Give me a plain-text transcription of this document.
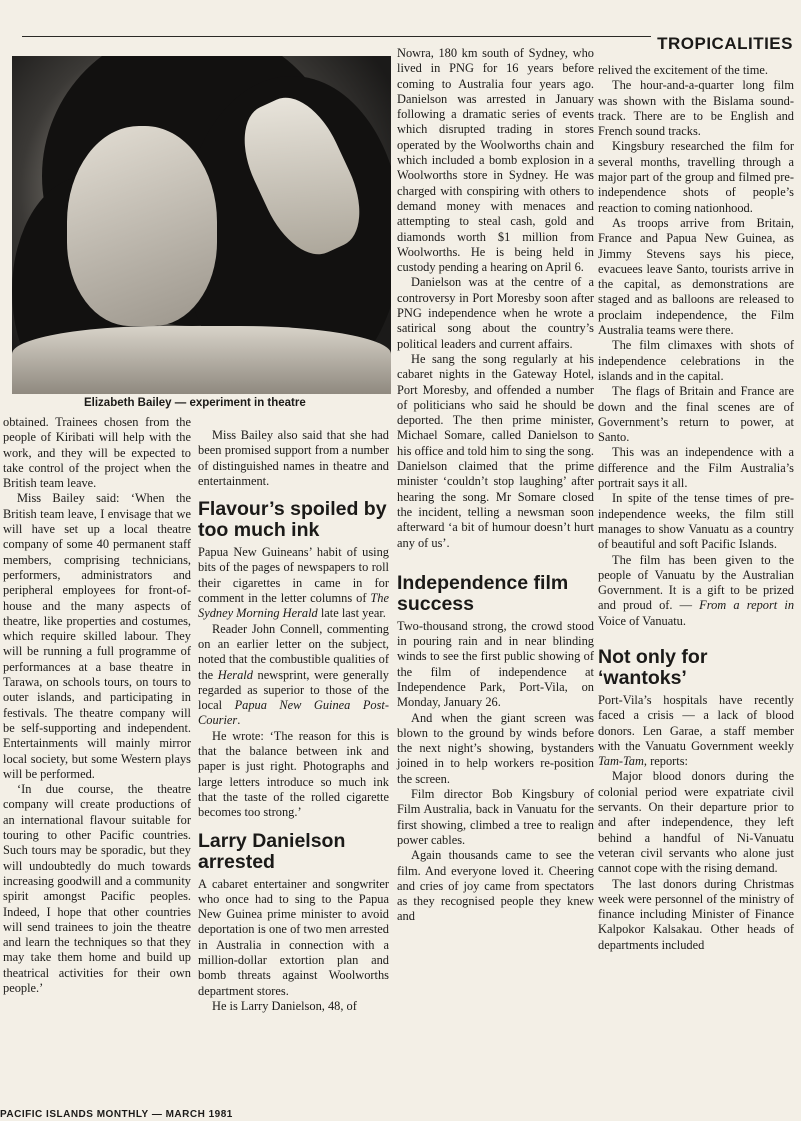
TROPICALITIES
Elizabeth Bailey — experiment in theatre

obtained. Trainees chosen from the people of Kiribati will help with the work, and they will be expected to take control of the project when the British team leave.

Miss Bailey said: ‘When the British team leave, I envisage that we will have set up a local theatre company of some 40 permanent staff members, comprising technicians, performers, administrators and peripheral employees for front-of-house and the many aspects of theatre, like properties and costumes, which require skilled labour. They will be running a full programme of performances at a base theatre in Tarawa, on schools tours, on tours to outer islands, and participating in festivals. The theatre company will be self-supporting and independent. Entertainments will mainly mirror local society, but some Western plays will be performed.

‘In due course, the theatre company will create productions of an international flavour suitable for touring to other Pacific countries. Such tours may be sporadic, but they will undoubtedly do much towards increasing goodwill and a community spirit amongst Pacific peoples. Indeed, I hope that other countries will send trainees to join the theatre and learn the techniques so that they may take them home and build up theatrical activities for their own people.’

Miss Bailey also said that she had been promised support from a number of distinguished names in theatre and entertainment.

Flavour’s spoiled by too much ink

Papua New Guineans’ habit of using bits of the pages of newspapers to roll their cigarettes in came in for comment in the letter columns of The Sydney Morning Herald late last year.

Reader John Connell, commenting on an earlier letter on the subject, noted that the combustible qualities of the Herald newsprint, were generally regarded as superior to those of the local Papua New Guinea Post-Courier.

He wrote: ‘The reason for this is that the balance between ink and paper is just right. Photographs and large letters introduce so much ink that the taste of the rolled cigarette becomes too strong.’

Larry Danielson arrested

A cabaret entertainer and songwriter who once had to sing to the Papua New Guinea prime minister to avoid deportation is one of two men arrested in Australia in connection with a million-dollar extortion plan and bomb threats against Woolworths department stores.

He is Larry Danielson, 48, of

Nowra, 180 km south of Sydney, who lived in PNG for 16 years before coming to Australia four years ago. Danielson was arrested in January following a dramatic series of events which disrupted trading in stores operated by the Woolworths chain and which included a bomb explosion in a Woolworths store in Sydney. He was charged with conspiring with others to demand money with menaces and attempting to steal cash, gold and diamonds worth $1 million from Woolworths. He is being held in custody pending a hearing on April 6.

Danielson was at the centre of a controversy in Port Moresby soon after PNG independence when he wrote a satirical song about the country’s political leaders and current affairs.

He sang the song regularly at his cabaret nights in the Gateway Hotel, Port Moresby, and offended a number of politicians who said he should be deported. The then prime minister, Michael Somare, called Danielson to his office and told him to sing the song. Danielson claimed that the prime minister ‘couldn’t stop laughing’ after hearing the song. Mr Somare closed the incident, telling a newsman soon afterward ‘a bit of humour doesn’t hurt any of us’.

Independence film success

Two-thousand strong, the crowd stood in pouring rain and in near blinding winds to see the first public showing of the film of independence at Independence Park, Port-Vila, on Monday, January 26.

And when the giant screen was blown to the ground by winds before the next night’s showing, bystanders joined in to help workers re-position the screen.

Film director Bob Kingsbury of Film Australia, back in Vanuatu for the first showing, climbed a tree to realign power cables.

Again thousands came to see the film. And everyone loved it. Cheering and cries of joy came from spectators as they recognised people they knew and

relived the excitement of the time.

The hour-and-a-quarter long film was shown with the Bislama sound-track. There are to be English and French sound tracks.

Kingsbury researched the film for several months, travelling through a major part of the group and filmed pre-independence shots of people’s reaction to coming nationhood.

As troops arrive from Britain, France and Papua New Guinea, as Jimmy Stevens says his piece, evacuees leave Santo, tourists arrive in the capital, as demonstrations are staged and as balloons are released to proclaim independence, the Film Australia teams were there.

The film climaxes with shots of independence celebrations in the islands and in the capital.

The flags of Britain and France are down and the final scenes are of Government’s return to power, at Santo.

This was an independence with a difference and the Film Australia’s portrait says it all.

In spite of the tense times of pre-independence weeks, the film still manages to show Vanuatu as a country of beautiful and soft Pacific Islands.

The film has been given to the people of Vanuatu by the Australian Government. It is a gift to be prized and proud of. — From a report in Voice of Vanuatu.

Not only for ‘wantoks’

Port-Vila’s hospitals have recently faced a crisis — a lack of blood donors. Len Garae, a staff member with the Vanuatu Government weekly Tam-Tam, reports:

Major blood donors during the colonial period were expatriate civil servants. On their departure prior to and after independence, they left behind a handful of Ni-Vanuatu veteran civil servants who alone just cannot cope with the rising demand.

The last donors during Christmas week were personnel of the ministry of finance including Minister of Finance Kalpokor Kalsakau. Other heads of departments included

PACIFIC ISLANDS MONTHLY — MARCH 1981
